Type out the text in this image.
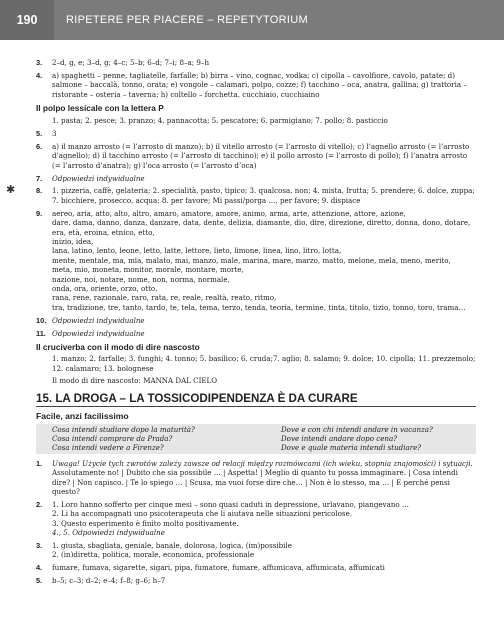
190	RIPETERE PER PIACERE – REPETYTORIUM
3. 2–d, g, e; 3–d, g; 4–c; 5–b; 6–d; 7–i; 8–a; 9–h
4. a) spaghetti – penne, tagliatelle, farfalle; b) birra – vino, cognac, vodka; c) cipolla – cavolfiore, cavolo, patate; d) salmone – baccalà, tonno, orata; e) vongole – calamari, polpo, cozze; f) tacchino – oca, anatra, gallina; g) trattoria – ristorante – osteria – taverna; h) coltello – forchetta, cucchiaio, cucchiaino
Il polpo lessicale con la lettera P
1. pasta; 2. pesce; 3. pranzo; 4. pannacotta; 5. pescatore; 6. parmigiano; 7. pollo; 8. pasticcio
5. 3
6. a) il manzo arrosto (= l’arrosto di manzo); b) il vitello arrosto (= l’arrosto di vitello); c) l’agnello arrosto (= l’arrosto d’agnello); d) il tacchino arrosto (= l’arrosto di tacchino); e) il pollo arrosto (= l’arrosto di pollo); f) l’anatra arrosto (= l’arrosto d’anatra); g) l’oca arrosto (= l’arrosto d’oca)
7. Odpowiedzi indywidualne
✱	8. 1. pizzeria, caffè, gelateria; 2. specialità, pasto, tipico; 3. qualcosa, non; 4. mista, frutta; 5. prendere; 6. dolce, zuppa; 7. bicchiere, prosecco, acqua; 8. per favore; Mi passi/porga …, per favore; 9. dispiace
9. aereo, aria, atto, alto, altro, amaro, amatore, amore, animo, arma, arte, attenzione, attore, azione,
dare, dama, danno, danza, danzare, data, dente, delizia, diamante, dio, dire, direzione, diretto, donna, dono, dotare,
era, età, eroina, etnico, etto,
inizio, idea,
lana, latino, lento, leone, letto, latte, lettore, lieto, limone, linea, lino, litro, lotta,
mente, mentale, ma, mia, malato, mai, manzo, male, marina, mare, marzo, matto, melone, mela, meno, merito,
meta, mio, moneta, monitor, morale, montare, morte,
nazione, noi, notare, nome, non, norma, normale,
onda, ora, oriente, orzo, otto,
rana, rene, razionale, raro, rata, re, reale, realtà, reato, ritmo,
tra, tradizione, tre, tanto, tardo, te, tela, tema, terzo, tenda, teoria, termine, tinta, titolo, tizio, tonno, toro, trama…
10. Odpowiedzi indywidualne
11. Odpowiedzi indywidualne
Il cruciverba con il modo di dire nascosto
1. manzo; 2. farfalle; 3. funghi; 4. tonno; 5. basilico; 6. cruda;7. aglio; 8. salamo; 9. dolce; 10. cipolla; 11. prezzemolo; 12. calamaro; 13. bolognese
Il modo di dire nascosto: MANNA DAL CIELO
15. LA DROGA – LA TOSSICODIPENDENZA È DA CURARE
Facile, anzi facilissimo
Cosa intendi studiare dopo la maturità?	Dove e con chi intendi andare in vacanza?
Cosa intendi comprare da Prada?	Dove intendi andare dopo cena?
Cosa intendi vedere a Firenze?	Dove e quale materia intendi studiare?
1. Uwaga! Użycie tych zwrotów zależy zawsze od relacji między rozmówcami (ich wieku, stopnia znajomości) i sytuacji.
Assolutamente no! | Dubito che sia possibile … | Aspetta! | Meglio di quanto tu possa immaginare. | Cosa intendi dire? | Non capisco. | Te lo spiego … | Scusa, ma vuoi forse dire che… | Non è lo stesso, ma … | E perché pensi questo?
2. 1. Loro hanno sofferto per cinque mesi – sono quasi caduti in depressione, urlavano, piangevano …
2. Li ha accompagnati uno psicoterapeuta che li aiutava nelle situazioni pericolose.
3. Questo esperimento è finito molto positivamente.
4., 5. Odpowiedzi indywidualne
3. 1. giusta, sbagliata, geniale, banale, dolorosa, logica, (im)possibile
2. (in)diretta, politica, morale, economica, professionale
4. fumare, fumava, sigarette, sigari, pipa, fumatore, fumare, affumicava, affumicata, affumicati
5. b–5; c–3; d–2; e–4; f–8; g–6; h–7
